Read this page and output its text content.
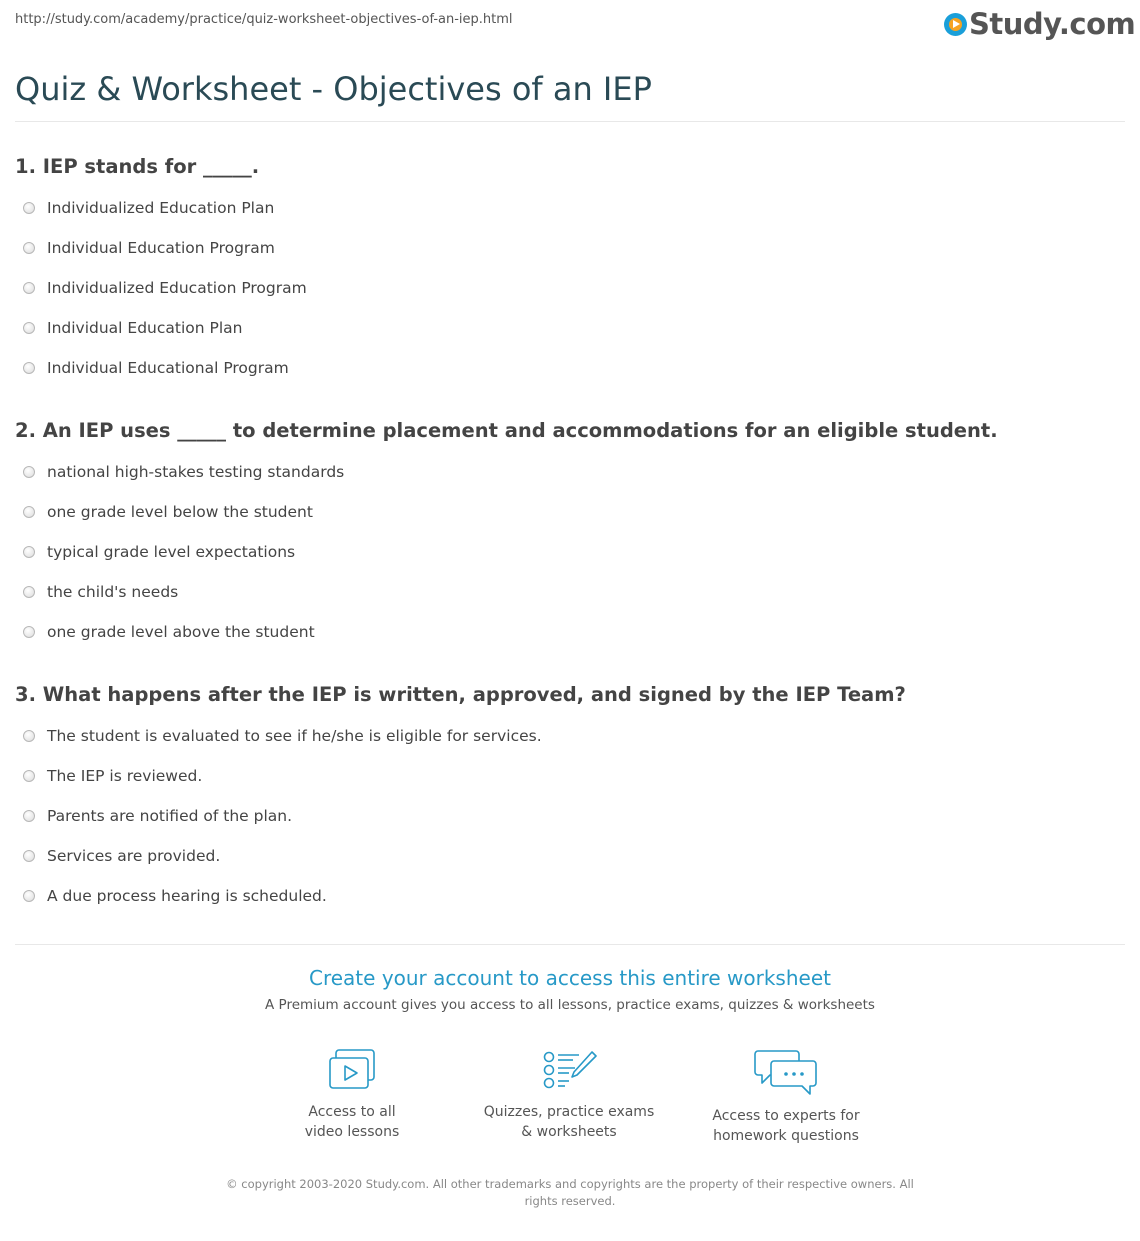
http://study.com/academy/practice/quiz-worksheet-objectives-of-an-iep.html	Study.com
Quiz & Worksheet - Objectives of an IEP
1. IEP stands for _____.
Individualized Education Plan
Individual Education Program
Individualized Education Program
Individual Education Plan
Individual Educational Program
2. An IEP uses _____ to determine placement and accommodations for an eligible student.
national high-stakes testing standards
one grade level below the student
typical grade level expectations
the child's needs
one grade level above the student
3. What happens after the IEP is written, approved, and signed by the IEP Team?
The student is evaluated to see if he/she is eligible for services.
The IEP is reviewed.
Parents are notified of the plan.
Services are provided.
A due process hearing is scheduled.
Create your account to access this entire worksheet
A Premium account gives you access to all lessons, practice exams, quizzes & worksheets
Access to all
video lessons
Quizzes, practice exams
& worksheets
Access to experts for
homework questions
© copyright 2003-2020 Study.com. All other trademarks and copyrights are the property of their respective owners. All rights reserved.
